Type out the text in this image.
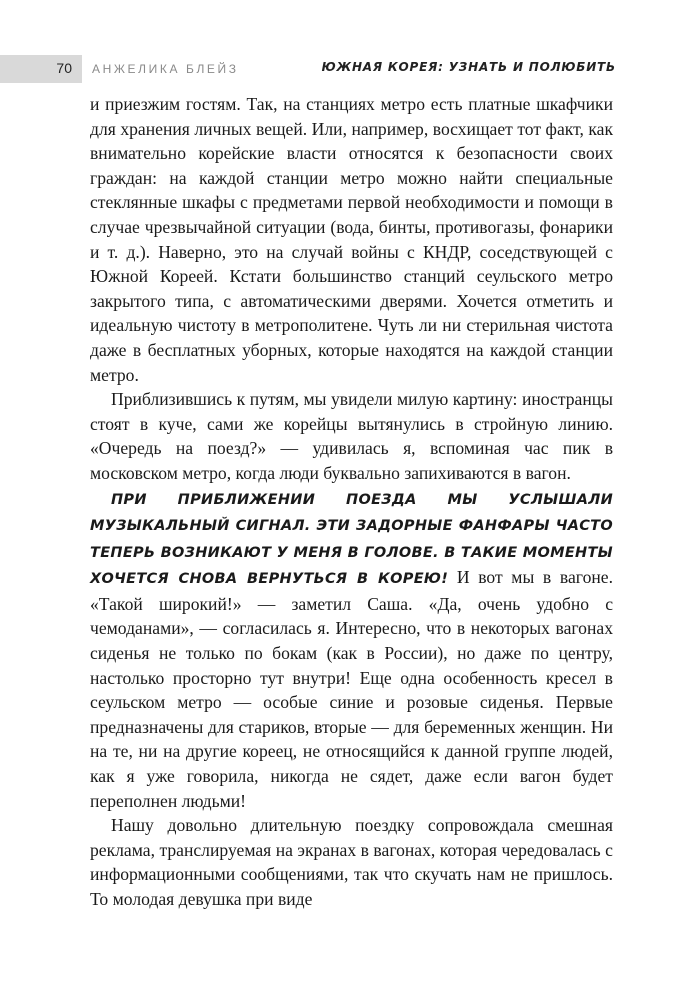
70 АНЖЕЛИКА БЛЕЙЗ	ЮЖНАЯ КОРЕЯ: УЗНАТЬ И ПОЛЮБИТЬ

и приезжим гостям. Так, на станциях метро есть платные шкафчики для хранения личных вещей. Или, например, восхищает тот факт, как внимательно корейские власти относятся к безопасности своих граждан: на каждой станции метро можно найти специальные стеклянные шкафы с предметами первой необходимости и помощи в случае чрезвычайной ситуации (вода, бинты, противогазы, фонарики и т. д.). Наверно, это на случай войны с КНДР, соседствующей с Южной Кореей. Кстати большинство станций сеульского метро закрытого типа, с автоматическими дверями. Хочется отметить и идеальную чистоту в метрополитене. Чуть ли ни стерильная чистота даже в бесплатных уборных, которые находятся на каждой станции метро.

Приблизившись к путям, мы увидели милую картину: иностранцы стоят в куче, сами же корейцы вытянулись в стройную линию. «Очередь на поезд?» — удивилась я, вспоминая час пик в московском метро, когда люди буквально запихиваются в вагон.

ПРИ ПРИБЛИЖЕНИИ ПОЕЗДА МЫ УСЛЫШАЛИ МУЗЫКАЛЬНЫЙ СИГНАЛ. ЭТИ ЗАДОРНЫЕ ФАНФАРЫ ЧАСТО ТЕПЕРЬ ВОЗНИКАЮТ У МЕНЯ В ГОЛОВЕ. В ТАКИЕ МОМЕНТЫ ХОЧЕТСЯ СНОВА ВЕРНУТЬСЯ В КОРЕЮ! И вот мы в вагоне. «Такой широкий!» — заметил Саша. «Да, очень удобно с чемоданами», — согласилась я. Интересно, что в некоторых вагонах сиденья не только по бокам (как в России), но даже по центру, настолько просторно тут внутри! Еще одна особенность кресел в сеульском метро — особые синие и розовые сиденья. Первые предназначены для стариков, вторые — для беременных женщин. Ни на те, ни на другие кореец, не относящийся к данной группе людей, как я уже говорила, никогда не сядет, даже если вагон будет переполнен людьми!

Нашу довольно длительную поездку сопровождала смешная реклама, транслируемая на экранах в вагонах, которая чередовалась с информационными сообщениями, так что скучать нам не пришлось. То молодая девушка при виде
